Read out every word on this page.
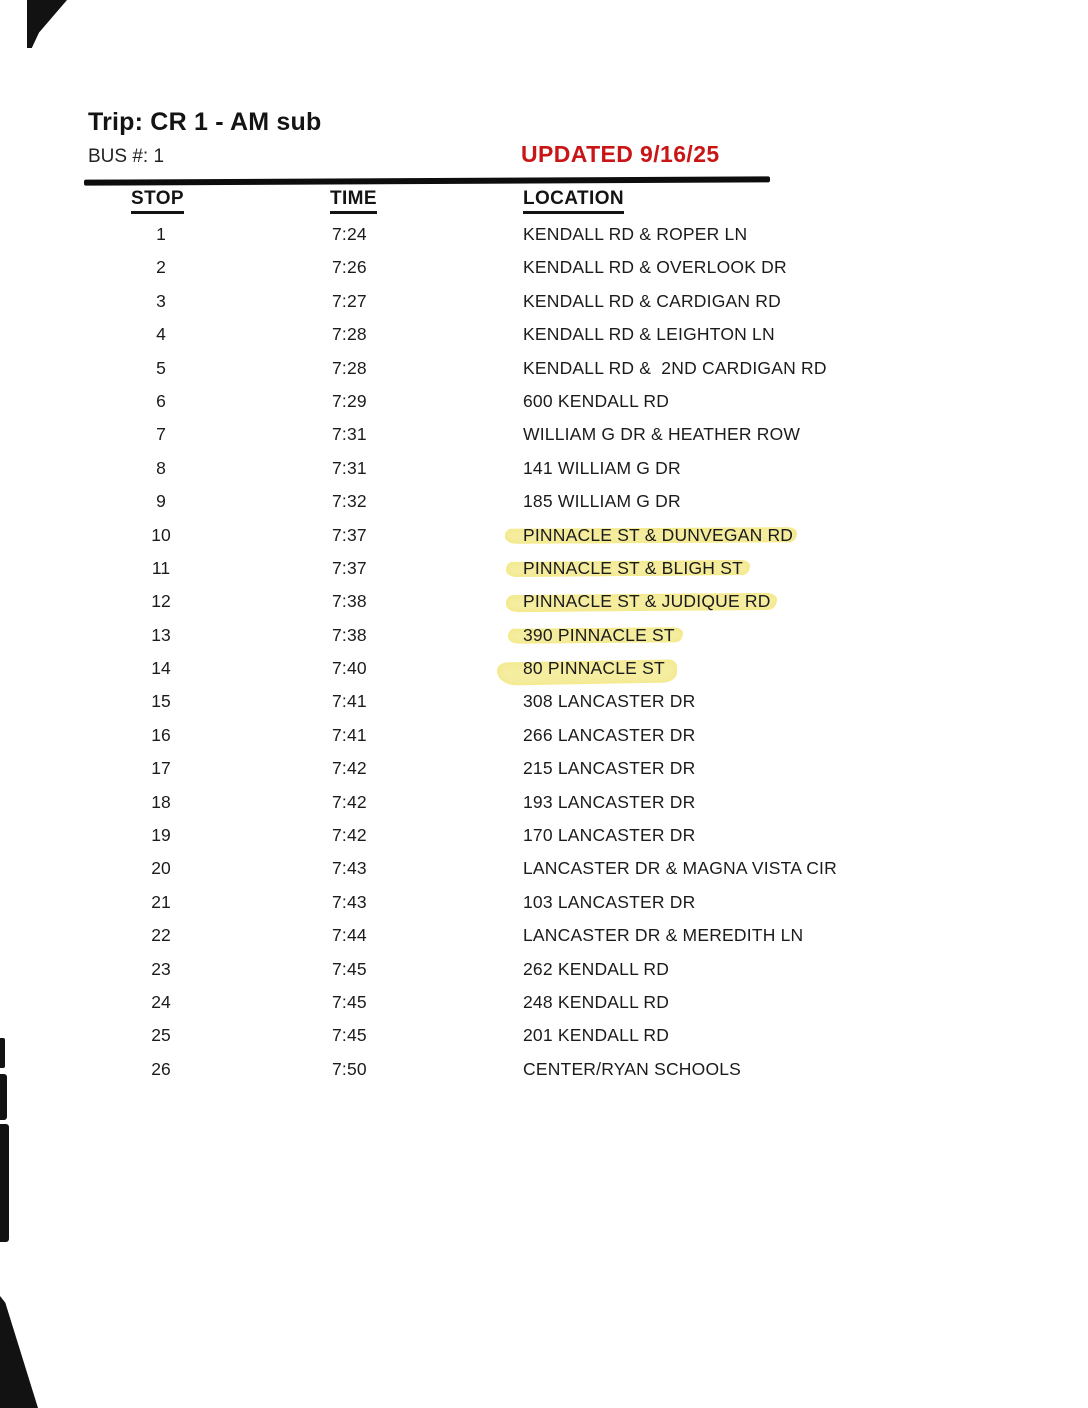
Trip: CR 1 - AM sub
BUS #: 1	UPDATED 9/16/25
STOP	TIME	LOCATION
1	7:24	KENDALL RD & ROPER LN
2	7:26	KENDALL RD & OVERLOOK DR
3	7:27	KENDALL RD & CARDIGAN RD
4	7:28	KENDALL RD & LEIGHTON LN
5	7:28	KENDALL RD &  2ND CARDIGAN RD
6	7:29	600 KENDALL RD
7	7:31	WILLIAM G DR & HEATHER ROW
8	7:31	141 WILLIAM G DR
9	7:32	185 WILLIAM G DR
10	7:37	PINNACLE ST & DUNVEGAN RD
11	7:37	PINNACLE ST & BLIGH ST
12	7:38	PINNACLE ST & JUDIQUE RD
13	7:38	390 PINNACLE ST
14	7:40	80 PINNACLE ST
15	7:41	308 LANCASTER DR
16	7:41	266 LANCASTER DR
17	7:42	215 LANCASTER DR
18	7:42	193 LANCASTER DR
19	7:42	170 LANCASTER DR
20	7:43	LANCASTER DR & MAGNA VISTA CIR
21	7:43	103 LANCASTER DR
22	7:44	LANCASTER DR & MEREDITH LN
23	7:45	262 KENDALL RD
24	7:45	248 KENDALL RD
25	7:45	201 KENDALL RD
26	7:50	CENTER/RYAN SCHOOLS
